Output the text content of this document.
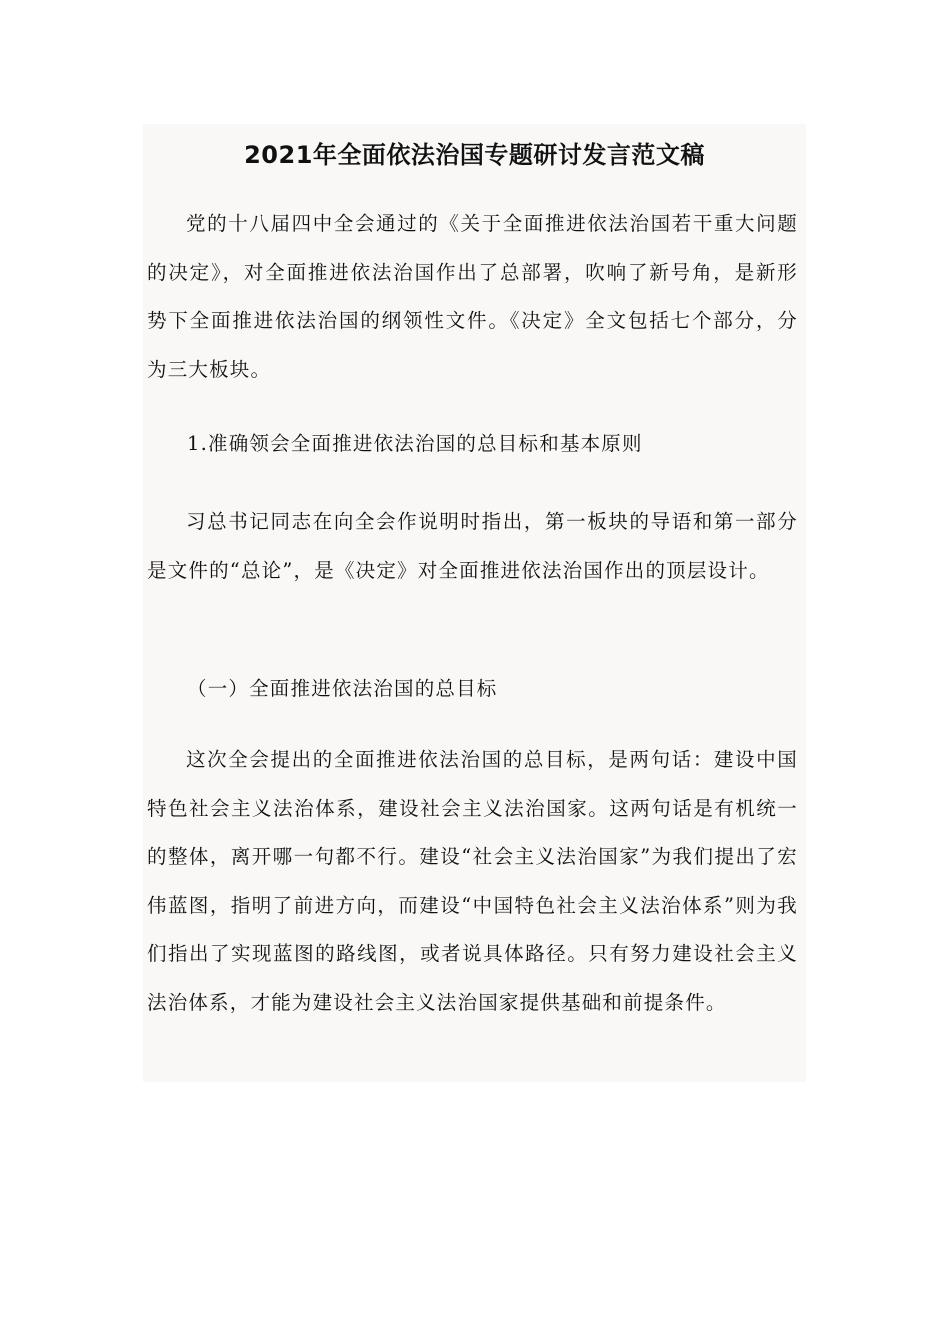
2021年全面依法治国专题研讨发言范文稿

党的十八届四中全会通过的《关于全面推进依法治国若干重大问题的决定》，对全面推进依法治国作出了总部署，吹响了新号角，是新形势下全面推进依法治国的纲领性文件。《决定》全文包括七个部分，分为三大板块。

1.准确领会全面推进依法治国的总目标和基本原则

习总书记同志在向全会作说明时指出，第一板块的导语和第一部分是文件的“总论”，是《决定》对全面推进依法治国作出的顶层设计。

（一）全面推进依法治国的总目标

这次全会提出的全面推进依法治国的总目标，是两句话：建设中国特色社会主义法治体系，建设社会主义法治国家。这两句话是有机统一的整体，离开哪一句都不行。建设“社会主义法治国家”为我们提出了宏伟蓝图，指明了前进方向，而建设“中国特色社会主义法治体系”则为我们指出了实现蓝图的路线图，或者说具体路径。只有努力建设社会主义法治体系，才能为建设社会主义法治国家提供基础和前提条件。
